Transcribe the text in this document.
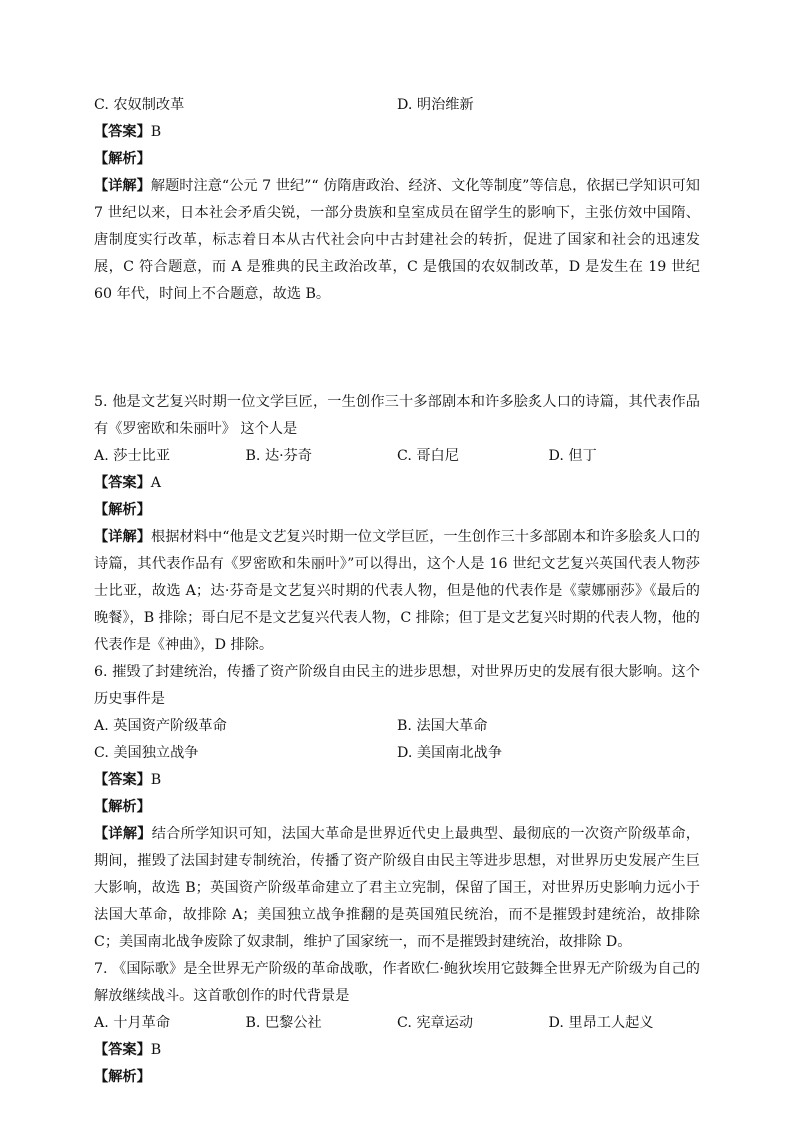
C. 农奴制改革	D. 明治维新
【答案】B
【解析】
【详解】解题时注意“公元 7 世纪”“ 仿隋唐政治、经济、文化等制度”等信息，依据已学知识可知 7 世纪以来，日本社会矛盾尖锐，一部分贵族和皇室成员在留学生的影响下，主张仿效中国隋、唐制度实行改革，标志着日本从古代社会向中古封建社会的转折，促进了国家和社会的迅速发展，C 符合题意，而 A 是雅典的民主政治改革，C 是俄国的农奴制改革，D 是发生在 19 世纪 60 年代，时间上不合题意，故选 B。
5. 他是文艺复兴时期一位文学巨匠，一生创作三十多部剧本和许多脍炙人口的诗篇，其代表作品有《罗密欧和朱丽叶》 这个人是
A. 莎士比亚	B. 达·芬奇	C. 哥白尼	D. 但丁
【答案】A
【解析】
【详解】根据材料中“他是文艺复兴时期一位文学巨匠，一生创作三十多部剧本和许多脍炙人口的诗篇，其代表作品有《罗密欧和朱丽叶》”可以得出，这个人是 16 世纪文艺复兴英国代表人物莎士比亚，故选 A；达·芬奇是文艺复兴时期的代表人物，但是他的代表作是《蒙娜丽莎》《最后的晚餐》，B 排除；哥白尼不是文艺复兴代表人物，C 排除；但丁是文艺复兴时期的代表人物，他的代表作是《神曲》，D 排除。
6. 摧毁了封建统治，传播了资产阶级自由民主的进步思想，对世界历史的发展有很大影响。这个历史事件是
A. 英国资产阶级革命	B. 法国大革命
C. 美国独立战争	D. 美国南北战争
【答案】B
【解析】
【详解】结合所学知识可知，法国大革命是世界近代史上最典型、最彻底的一次资产阶级革命，期间，摧毁了法国封建专制统治，传播了资产阶级自由民主等进步思想，对世界历史发展产生巨大影响，故选 B；英国资产阶级革命建立了君主立宪制，保留了国王，对世界历史影响力远小于法国大革命，故排除 A；美国独立战争推翻的是英国殖民统治，而不是摧毁封建统治，故排除 C；美国南北战争废除了奴隶制，维护了国家统一，而不是摧毁封建统治，故排除 D。
7. 《国际歌》是全世界无产阶级的革命战歌，作者欧仁·鲍狄埃用它鼓舞全世界无产阶级为自己的解放继续战斗。这首歌创作的时代背景是
A. 十月革命	B. 巴黎公社	C. 宪章运动	D. 里昂工人起义
【答案】B
【解析】
